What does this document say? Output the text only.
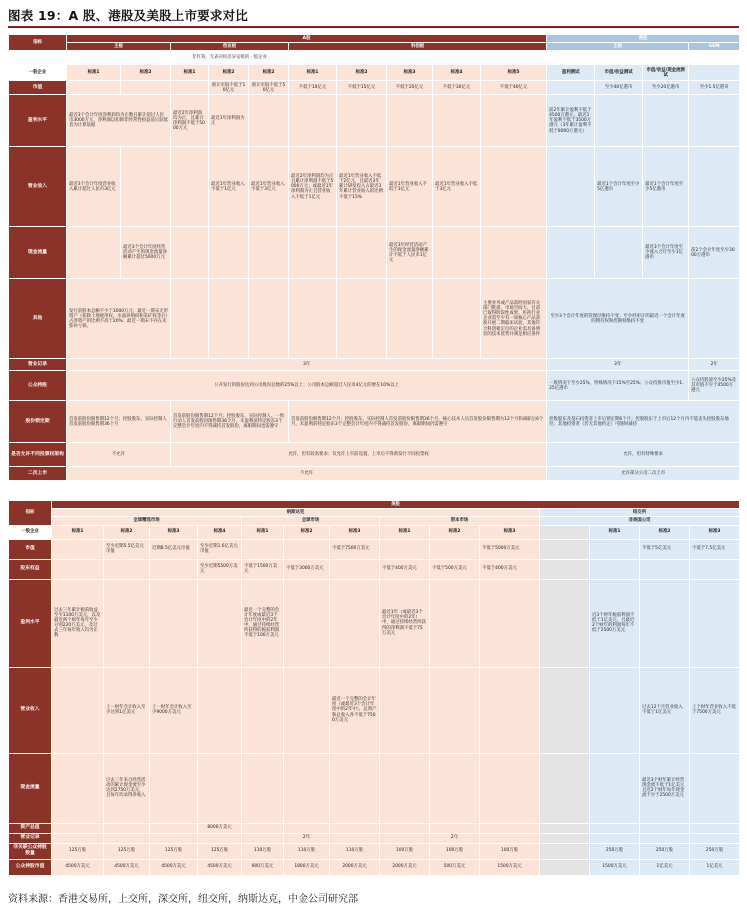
图表 19：A 股、港股及美股上市要求对比
指标	A股										港股			
	主板		创业板			科创板					主板			GEM
			非红筹，无表决权差异安排的一般企业											
一般企业	标准1	标准2	标准1	标准2	标准2	标准1	标准2	标准3	标准4	标准5	盈利测试	市值/收益测试	市值/收益/现金流测试	
市值				预计市值不低于10亿元	预计市值不低于50亿元	不低于10亿元	不低于15亿元	不低于20亿元	不低于30亿元	不低于40亿元		至少40亿港币	至少20亿港币	至少1.5亿港币
盈利水平	最近3个会计年度净利润均为正数且累计超过人民币3000万元，净利润以扣除非经常性损益前后较低者为计算依据		最近2年净利润均为正，且累计净利润不低于5000万元	最近1年净利润为正							前2年累计盈利不低于4500万港元，最近1年盈利不低于3500万港元（3年累计盈利不低于8000万港元）			
营业收入	最近3个会计年度营业收入累计超过人民币3亿元			最近1年营业收入不低于1亿元	最近1年营业收入不低于3亿元	最近2年净利润均为正且累计净利润不低于5000万元；或最近1年净利润为正且营业收入不低于1亿元	最近1年营业收入不低于2亿元，且最近3年累计研发投入占最近3年累计营业收入的比例不低于15%	最近1年营业收入不低于3亿元	最近1年营业收入不低于3亿元			最近1个会计年度至少5亿港币	最近1个会计年度至少5亿港币	
现金流量		最近3个会计年度经营活动产生的现金流量净额累计超过5000万元						最近3年经营活动产生的现金流量净额累计不低于人民币1亿元					最近3个会计年度至少流入合计至少1亿港币	前2个会计年度至少3000万港币
其他	发行前股本总额不少于3000万元；最近一期末无形资产（扣除土地使用权、水面养殖权和采矿权等后）占净资产的比例不高于20%；最近一期末不存在未弥补亏损。									主要业务或产品需经国家有关部门批准，市场空间大，目前已取得阶段性成果。医药行业企业需至少有一项核心产品获准开展二期临床试验，其他符合科创板定位的企业需具备明显的技术优势并满足相应条件	至少3个会计年度的管理层维持不变；至少经审计的最近一个会计年度的拥有权和控制权维持不变			
营业记录	3年										3年			2年
公众持股	公开发行的股份达到公司股份总数的25%以上；公司股本总额超过人民币4亿元的要在10%以上										一般情况下至少25%，特殊情况下15%至25%；公众持股市值至少1.25亿港币			公众持股量至少25%及其市值不少于4500万港元
股份锁定期	首发前股份限售期12个月；控股股东、实际控制人首发前股份限售期36个月		首发前股份限售期12个月；控股股东、实际控制人、一致行动人首发前股份限售期36个月，未盈利前特定股东3个完整会计年度内不得减持首发股份，离职期间也需遵守			首发前股份限售期12个月；控股股东、实际控制人首发前股份限售期36个月，核心技术人员首发股份限售期为12个月和离职后6个月，未盈利前特定股东3个完整会计年度内不得减持首发股份，离职期间仍需遵守					控股股东及基石投资者上市后锁定期6个月；控股股东于上市后12个月内不能丧失控股股东地位；其他投资者（若无其他约定）可随时减持			
是否允许不同投票权架构	不允许		允许，但有较高要求；仅允许上市前设置，上市后不得新发行不同投票权								允许，但有特殊要求			
二次上市	不允许										允许部分公司二次上市			
指标	美股													
	纳斯达克										纽交所			
	全球精选市场				全球市场			资本市场			非美国公司			
一般企业	标准1	标准2	标准3	标准4	标准1	标准2	标准3	标准1	标准2	标准3		标准1	标准2	标准3
市值		至少近期5.5亿美元市值	近期8.5亿美元市值	至少近期1.6亿美元市值			不低于7500万美元			不低于5000万美元			不低于5亿美元	不低于7.5亿美元
股东权益				至少近期5500万美元	不低于1500万美元	不低于3000万美元		不低于400万美元	不低于500万美元	不低于400万美元				
盈利水平	过去三年累计税前收益至少1100万美元，以及最近两个财年每年至少分别220万美元，及过去三年每年收入均为正数				最近一个完整的会计年度或最近3个会计年度中的2年中，通过持续经营所获得的税前利润不低于100万美元			最近1年（或最近3个会计年度中的2年）中，通过持续经营所获得的净利润不低于75万美元				近3个财年税前利润不低于1亿美元，且最近2个财年的利润每年不低于2500万美元		
营业收入		上一财年会计收入至少达到1亿美元	上一财年会计收入至少9000万美元				最近一个完整的会计年度（或最近3个会计年度中的2年中），总资产和总收入各不低于7500万美元						过去12个月营业收入不低于1亿美元	上个财年营业收入不低于7500万美元
现金流量		过去三年来自经营活动的累计现金流至少达到2750万美元，且每年均录得净收入											最近3个财年累计经营现金流不低于1亿美元且近2个财年每年现金流不少于2500万美元	
资产总值				8000万美元										
营业记录						2年			2年					
非关联公众持股数量	125万股	125万股	125万股	125万股	110万股	110万股	110万股	100万股	100万股	100万股		250万股	250万股	250万股
公众持股市值	4500万美元	4500万美元	4500万美元	4500万美元	800万美元	1800万美元	2000万美元	2000万美元	500万美元	1500万美元		1500万美元	1亿美元	1亿美元
资料来源：香港交易所，上交所，深交所，纽交所，纳斯达克，中金公司研究部
